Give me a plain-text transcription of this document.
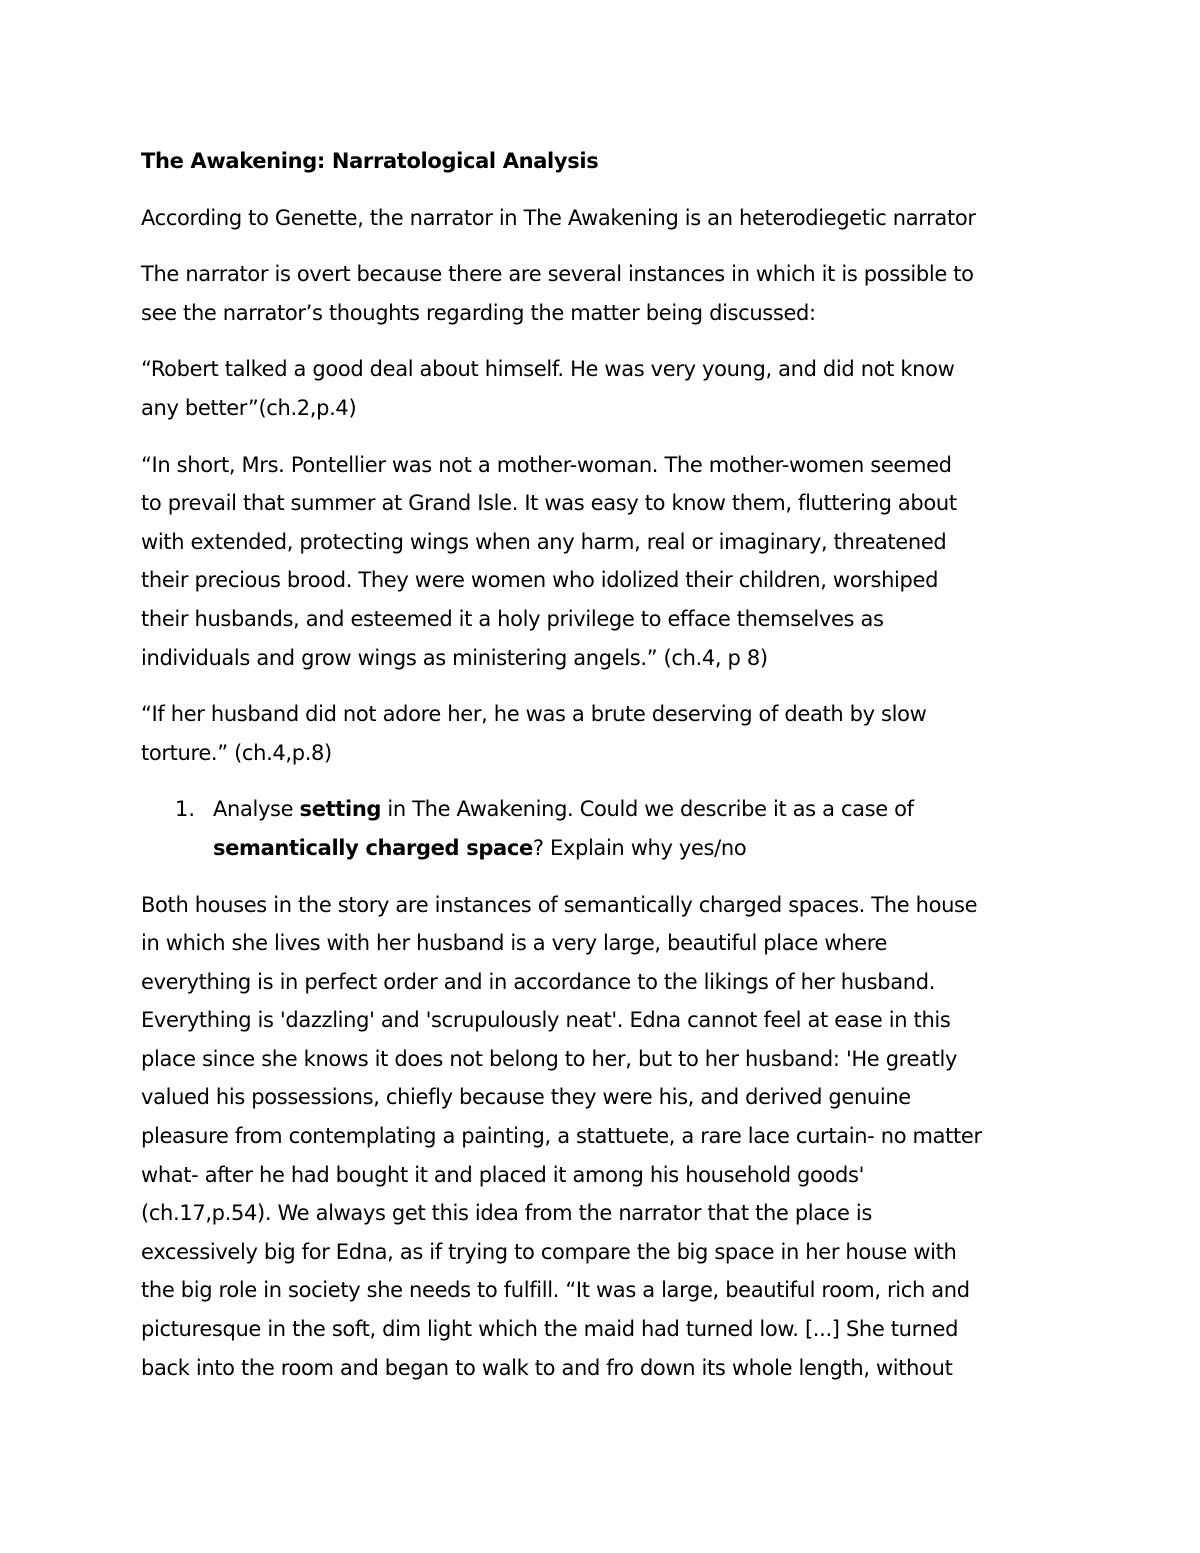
The Awakening: Narratological Analysis
According to Genette, the narrator in The Awakening is an heterodiegetic narrator
The narrator is overt because there are several instances in which it is possible to
see the narrator’s thoughts regarding the matter being discussed:
“Robert talked a good deal about himself. He was very young, and did not know
any better”(ch.2,p.4)
“In short, Mrs. Pontellier was not a mother-woman. The mother-women seemed
to prevail that summer at Grand Isle. It was easy to know them, fluttering about
with extended, protecting wings when any harm, real or imaginary, threatened
their precious brood. They were women who idolized their children, worshiped
their husbands, and esteemed it a holy privilege to efface themselves as
individuals and grow wings as ministering angels.” (ch.4, p 8)
“If her husband did not adore her, he was a brute deserving of death by slow
torture.” (ch.4,p.8)
1. Analyse setting in The Awakening. Could we describe it as a case of
semantically charged space? Explain why yes/no
Both houses in the story are instances of semantically charged spaces. The house
in which she lives with her husband is a very large, beautiful place where
everything is in perfect order and in accordance to the likings of her husband.
Everything is 'dazzling' and 'scrupulously neat'. Edna cannot feel at ease in this
place since she knows it does not belong to her, but to her husband: 'He greatly
valued his possessions, chiefly because they were his, and derived genuine
pleasure from contemplating a painting, a stattuete, a rare lace curtain- no matter
what- after he had bought it and placed it among his household goods'
(ch.17,p.54). We always get this idea from the narrator that the place is
excessively big for Edna, as if trying to compare the big space in her house with
the big role in society she needs to fulfill. “It was a large, beautiful room, rich and
picturesque in the soft, dim light which the maid had turned low. [...] She turned
back into the room and began to walk to and fro down its whole length, without
